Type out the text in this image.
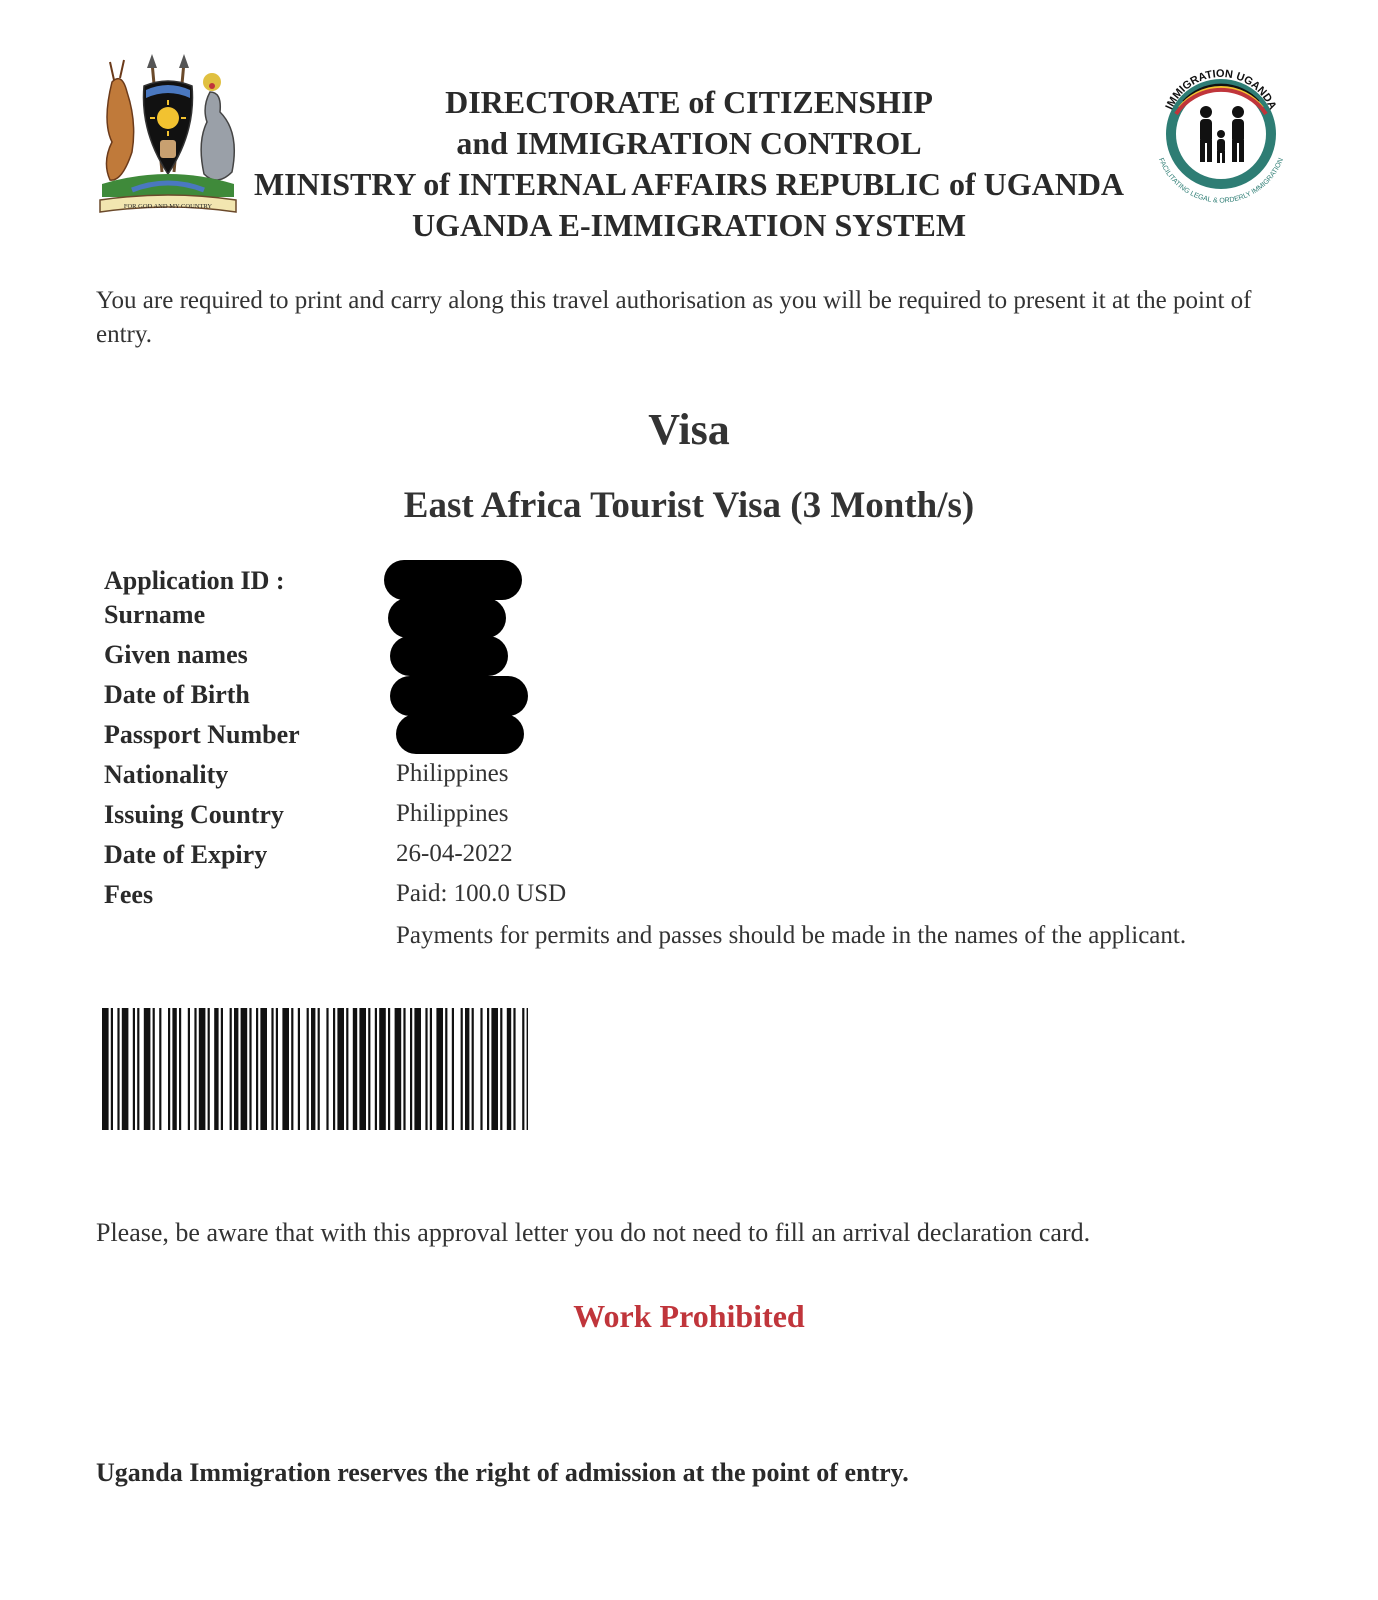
FOR GOD AND MY COUNTRY
DIRECTORATE of CITIZENSHIP
and IMMIGRATION CONTROL
MINISTRY of INTERNAL AFFAIRS REPUBLIC of UGANDA
UGANDA E-IMMIGRATION SYSTEM
IMMIGRATION UGANDA
FACILITATING LEGAL & ORDERLY IMMIGRATION
You are required to print and carry along this travel authorisation as you will be required to present it at the point of entry.
Visa
East Africa Tourist Visa (3 Month/s)
Application ID :
Surname
Given names
Date of Birth
Passport Number
Nationality	Philippines
Issuing Country	Philippines
Date of Expiry	26-04-2022
Fees	Paid: 100.0 USD
Payments for permits and passes should be made in the names of the applicant.
Please, be aware that with this approval letter you do not need to fill an arrival declaration card.
Work Prohibited
Uganda Immigration reserves the right of admission at the point of entry.
